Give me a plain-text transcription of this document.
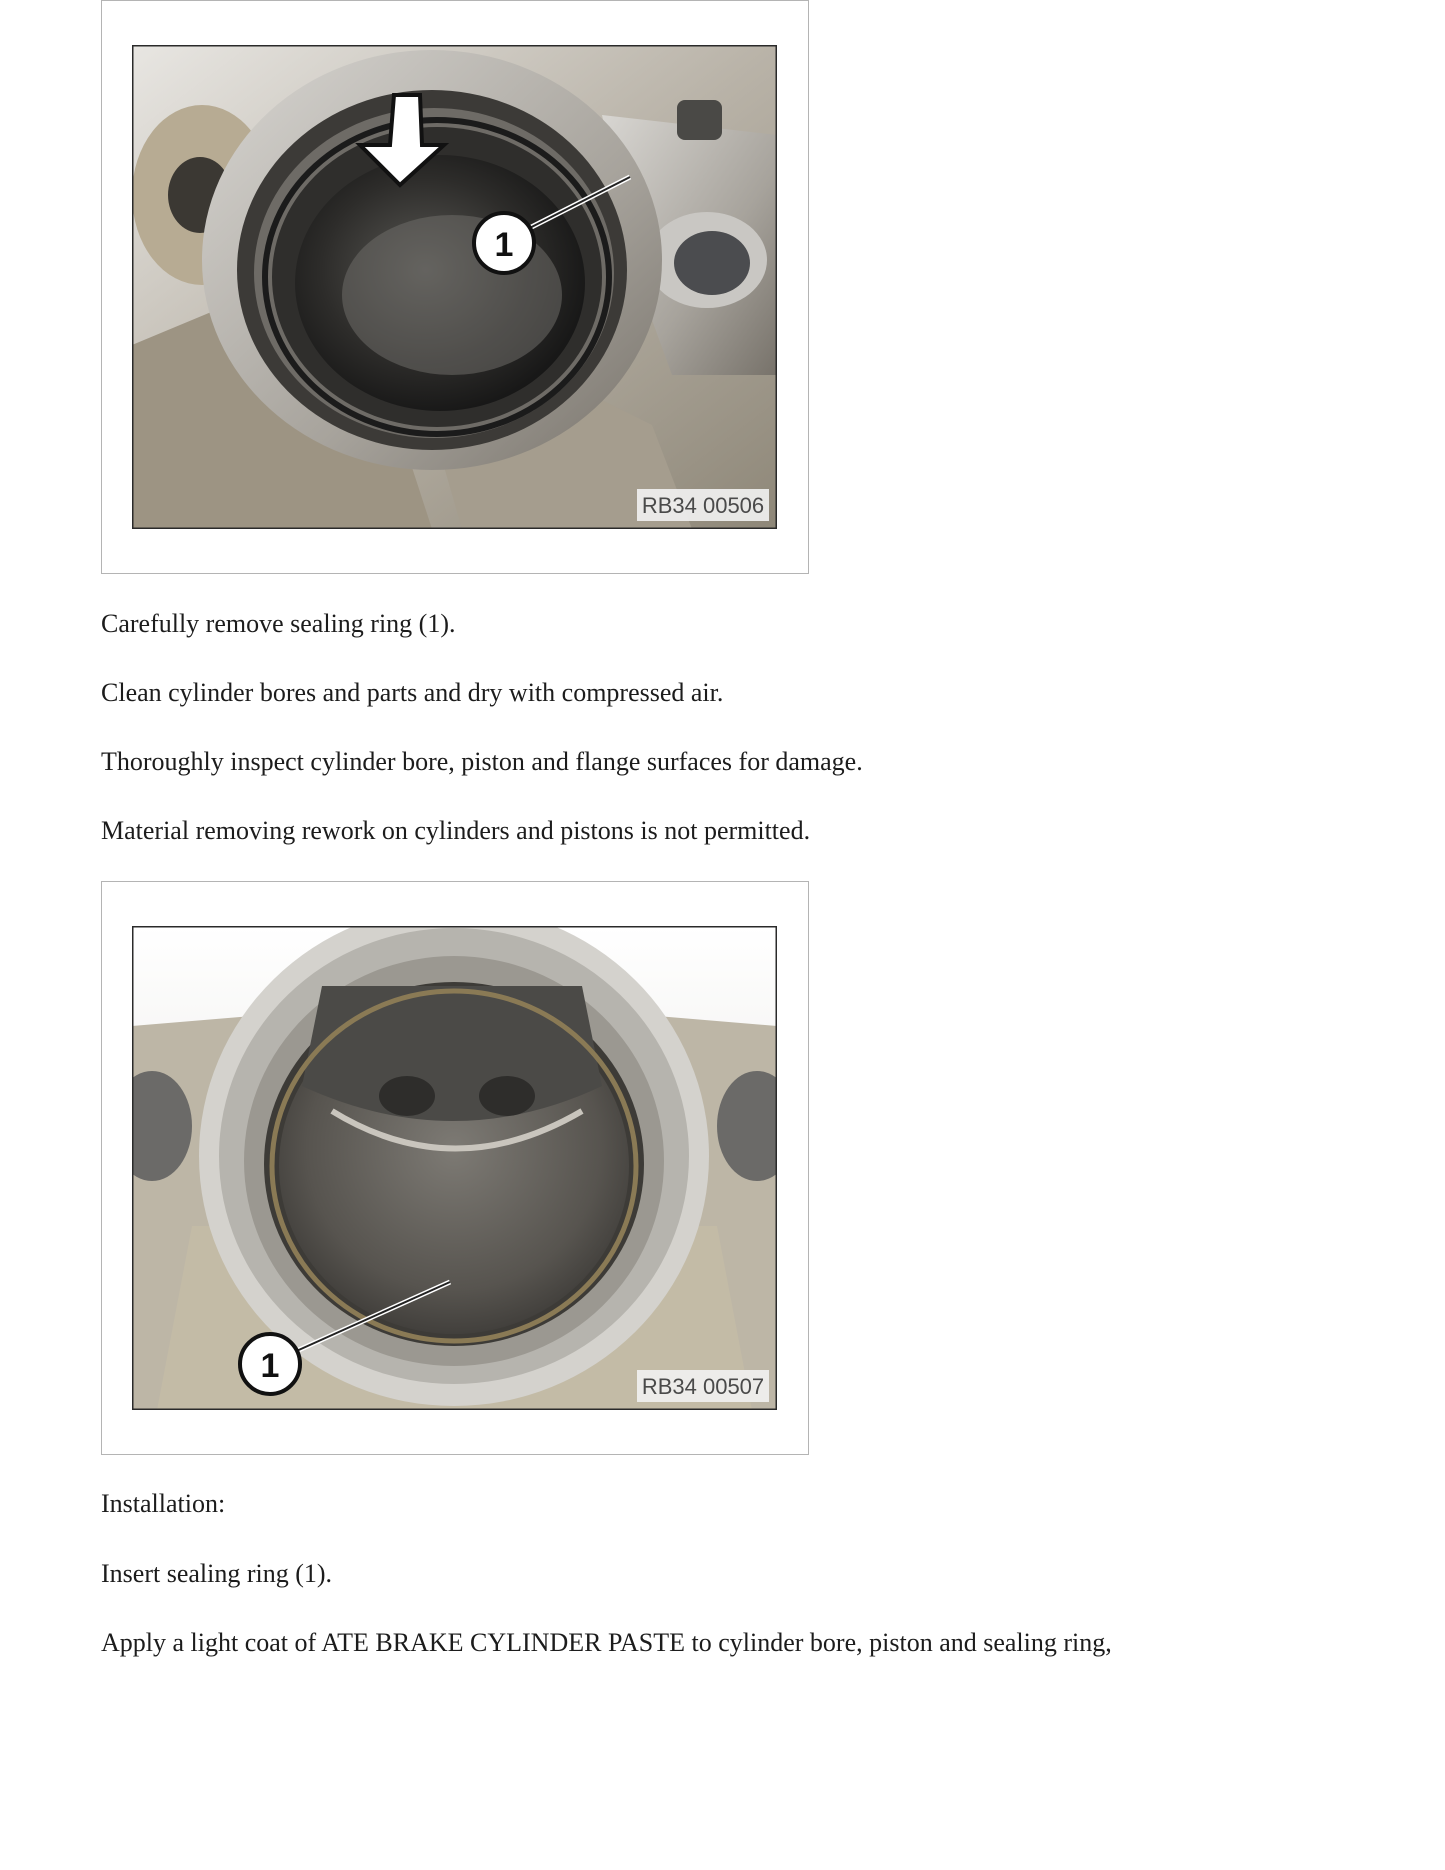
1
RB34 00506

Carefully remove sealing ring (1).

Clean cylinder bores and parts and dry with compressed air.

Thoroughly inspect cylinder bore, piston and flange surfaces for damage.

Material removing rework on cylinders and pistons is not permitted.

1
RB34 00507

Installation:

Insert sealing ring (1).

Apply a light coat of ATE BRAKE CYLINDER PASTE to cylinder bore, piston and sealing ring,
